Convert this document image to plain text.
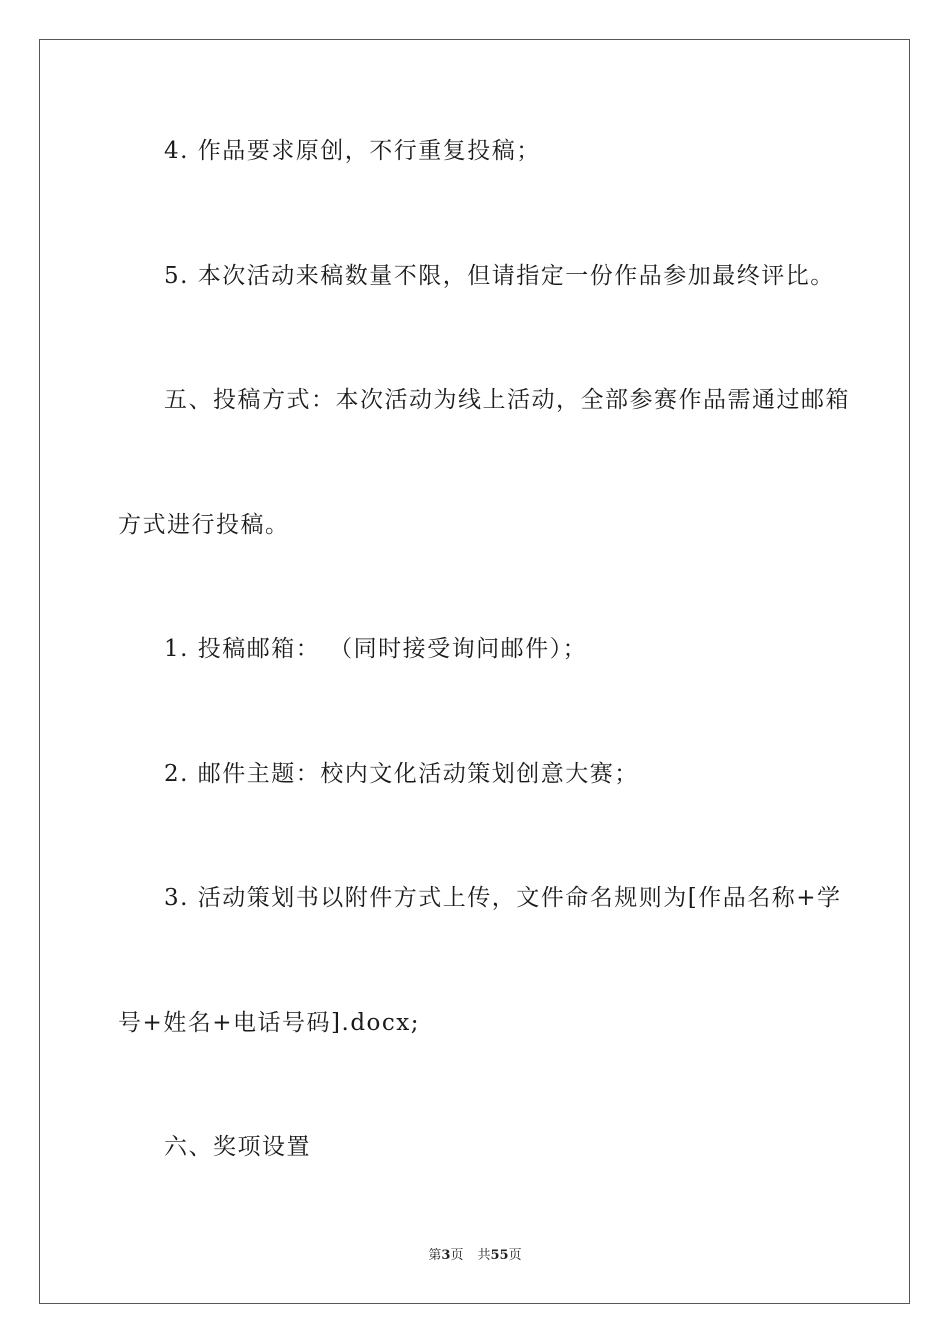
4. 作品要求原创，不行重复投稿；
5. 本次活动来稿数量不限，但请指定一份作品参加最终评比。
五、投稿方式：本次活动为线上活动，全部参赛作品需通过邮箱
方式进行投稿。
1. 投稿邮箱： （同时接受询问邮件）；
2. 邮件主题：校内文化活动策划创意大赛；
3. 活动策划书以附件方式上传，文件命名规则为[作品名称+学
号+姓名+电话号码].docx;
六、奖项设置
第3页 共55页
